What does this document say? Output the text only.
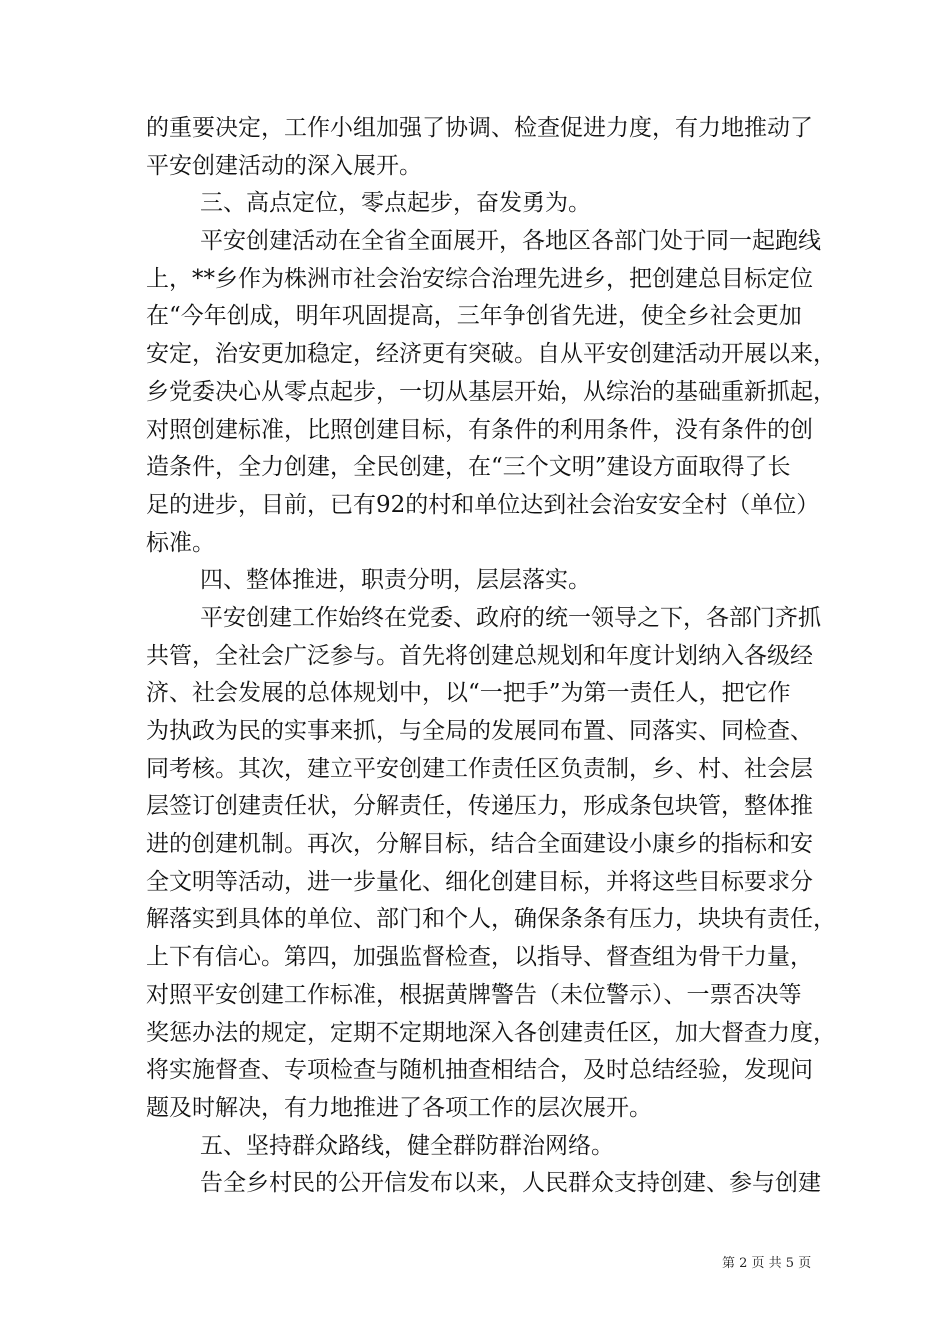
的重要决定，工作小组加强了协调、检查促进力度，有力地推动了
平安创建活动的深入展开。
三、高点定位，零点起步，奋发勇为。
平安创建活动在全省全面展开，各地区各部门处于同一起跑线
上，**乡作为株洲市社会治安综合治理先进乡，把创建总目标定位
在“今年创成，明年巩固提高，三年争创省先进，使全乡社会更加
安定，治安更加稳定，经济更有突破。自从平安创建活动开展以来，
乡党委决心从零点起步，一切从基层开始，从综治的基础重新抓起，
对照创建标准，比照创建目标，有条件的利用条件，没有条件的创
造条件，全力创建，全民创建，在“三个文明”建设方面取得了长
足的进步，目前，已有92的村和单位达到社会治安安全村（单位）
标准。
四、整体推进，职责分明，层层落实。
平安创建工作始终在党委、政府的统一领导之下，各部门齐抓
共管，全社会广泛参与。首先将创建总规划和年度计划纳入各级经
济、社会发展的总体规划中，以“一把手”为第一责任人，把它作
为执政为民的实事来抓，与全局的发展同布置、同落实、同检查、
同考核。其次，建立平安创建工作责任区负责制，乡、村、社会层
层签订创建责任状，分解责任，传递压力，形成条包块管，整体推
进的创建机制。再次，分解目标，结合全面建设小康乡的指标和安
全文明等活动，进一步量化、细化创建目标，并将这些目标要求分
解落实到具体的单位、部门和个人，确保条条有压力，块块有责任，
上下有信心。第四，加强监督检查，以指导、督查组为骨干力量，
对照平安创建工作标准，根据黄牌警告（未位警示）、一票否决等
奖惩办法的规定，定期不定期地深入各创建责任区，加大督查力度，
将实施督查、专项检查与随机抽查相结合，及时总结经验，发现问
题及时解决，有力地推进了各项工作的层次展开。
五、坚持群众路线，健全群防群治网络。
告全乡村民的公开信发布以来，人民群众支持创建、参与创建
第 2 页 共 5 页
